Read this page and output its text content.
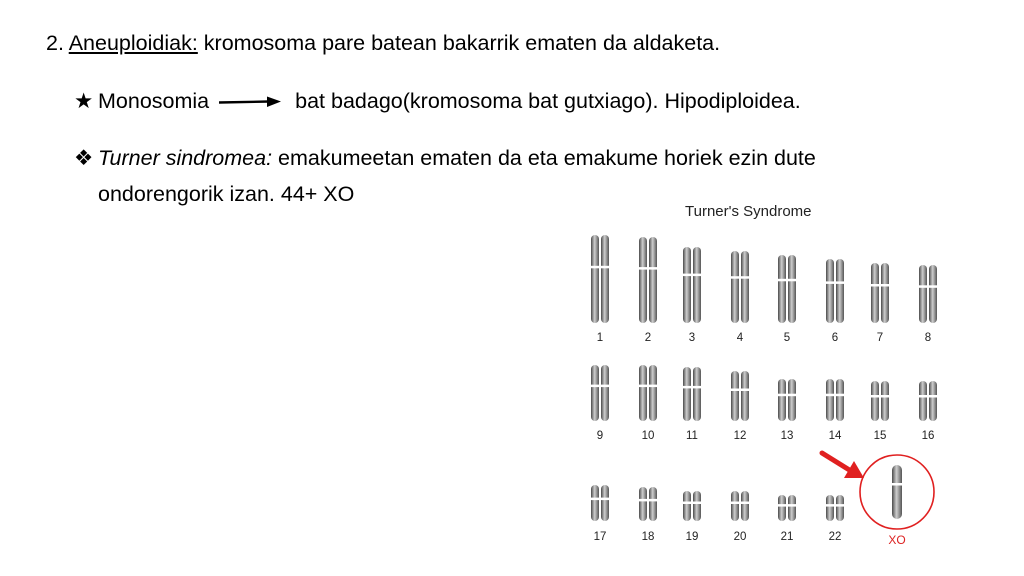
2. Aneuploidiak: kromosoma pare batean bakarrik ematen da aldaketa.
★ Monosomia	bat badago(kromosoma bat gutxiago). Hipodiploidea.
❖ Turner sindromea: emakumeetan ematen da eta emakume horiek ezin dute
ondorengorik izan. 44+ XO
Turner's Syndrome
1	2	3	4	5	6	7	8
9	10	11	12	13	14	15	16
17	18	19	20	21	22	XO
